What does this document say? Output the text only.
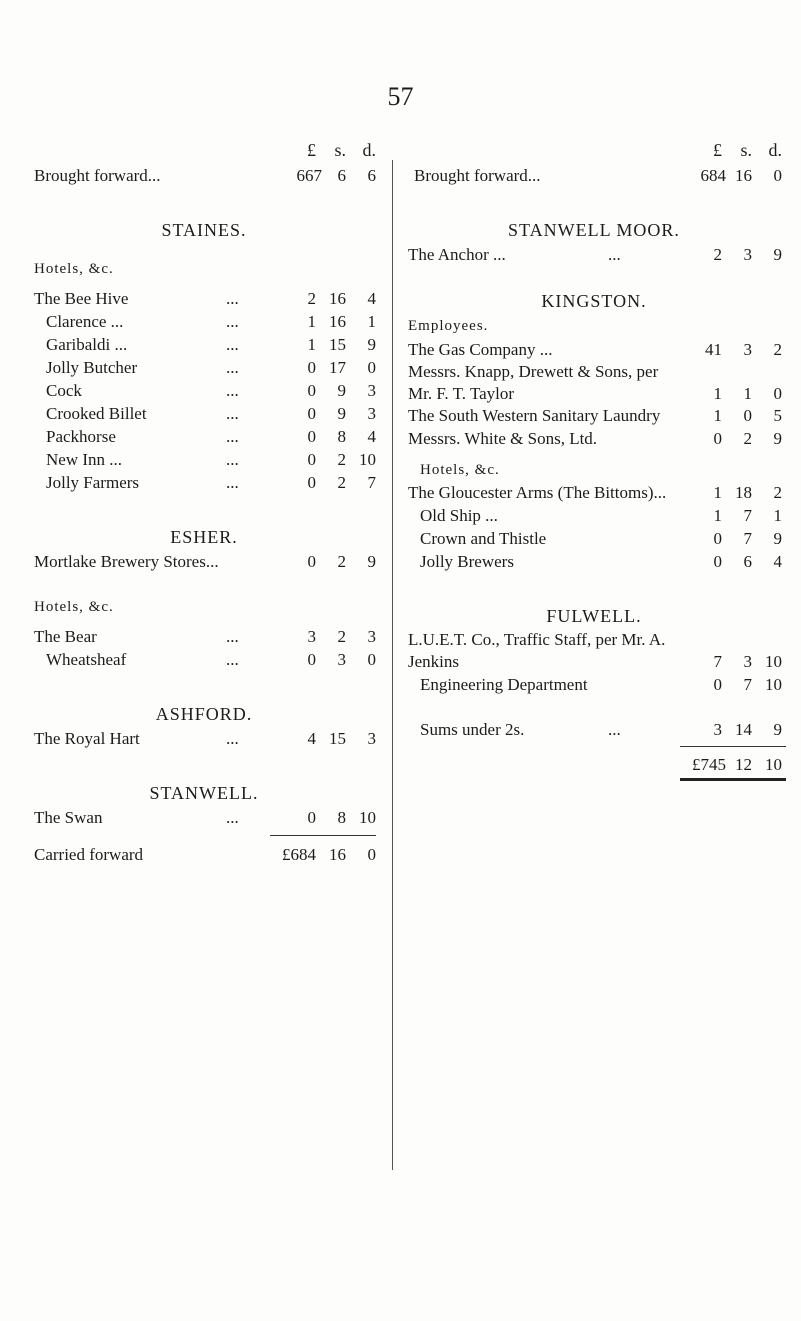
57
£	s. d.
Brought forward...	667 6	6
STAINES.
Hotels, &c.
The Bee Hive	...	2 16	4
Clarence ...	...	1 16	1
Garibaldi ...	...	1 15	9
Jolly Butcher	...	0 17	0
Cock	...	0	9	3
Crooked Billet	...	0	9	3
Packhorse	...	0	8	4
New Inn ...	...	0	2 10
Jolly Farmers	...	0	2	7
ESHER.
Mortlake Brewery Stores...	0	2	9
Hotels, &c.
The Bear	...	3	2	3
Wheatsheaf	...	0	3	0
ASHFORD.
The Royal Hart	...	4 15	3
STANWELL.
The Swan	...	0	8 10
Carried forward	£684 16	0
£	s. d.
Brought forward...	684 16	0
STANWELL MOOR.
The Anchor ...	...	2	3	9
KINGSTON.
Employees.
The Gas Company ...	41	3	2
Messrs. Knapp, Drewett & Sons, per Mr. F. T. Taylor	1	1	0
The South Western Sanitary Laundry	1	0	5
Messrs. White & Sons, Ltd.	0	2	9
Hotels, &c.
The Gloucester Arms (The Bittoms)...	1 18	2
Old Ship ...	1	7	1
Crown and Thistle	0	7	9
Jolly Brewers	0	6	4
FULWELL.
L.U.E.T. Co., Traffic Staff, per Mr. A. Jenkins	7	3 10
Engineering Department	0	7 10
Sums under 2s.	...	3 14	9
£745 12 10
